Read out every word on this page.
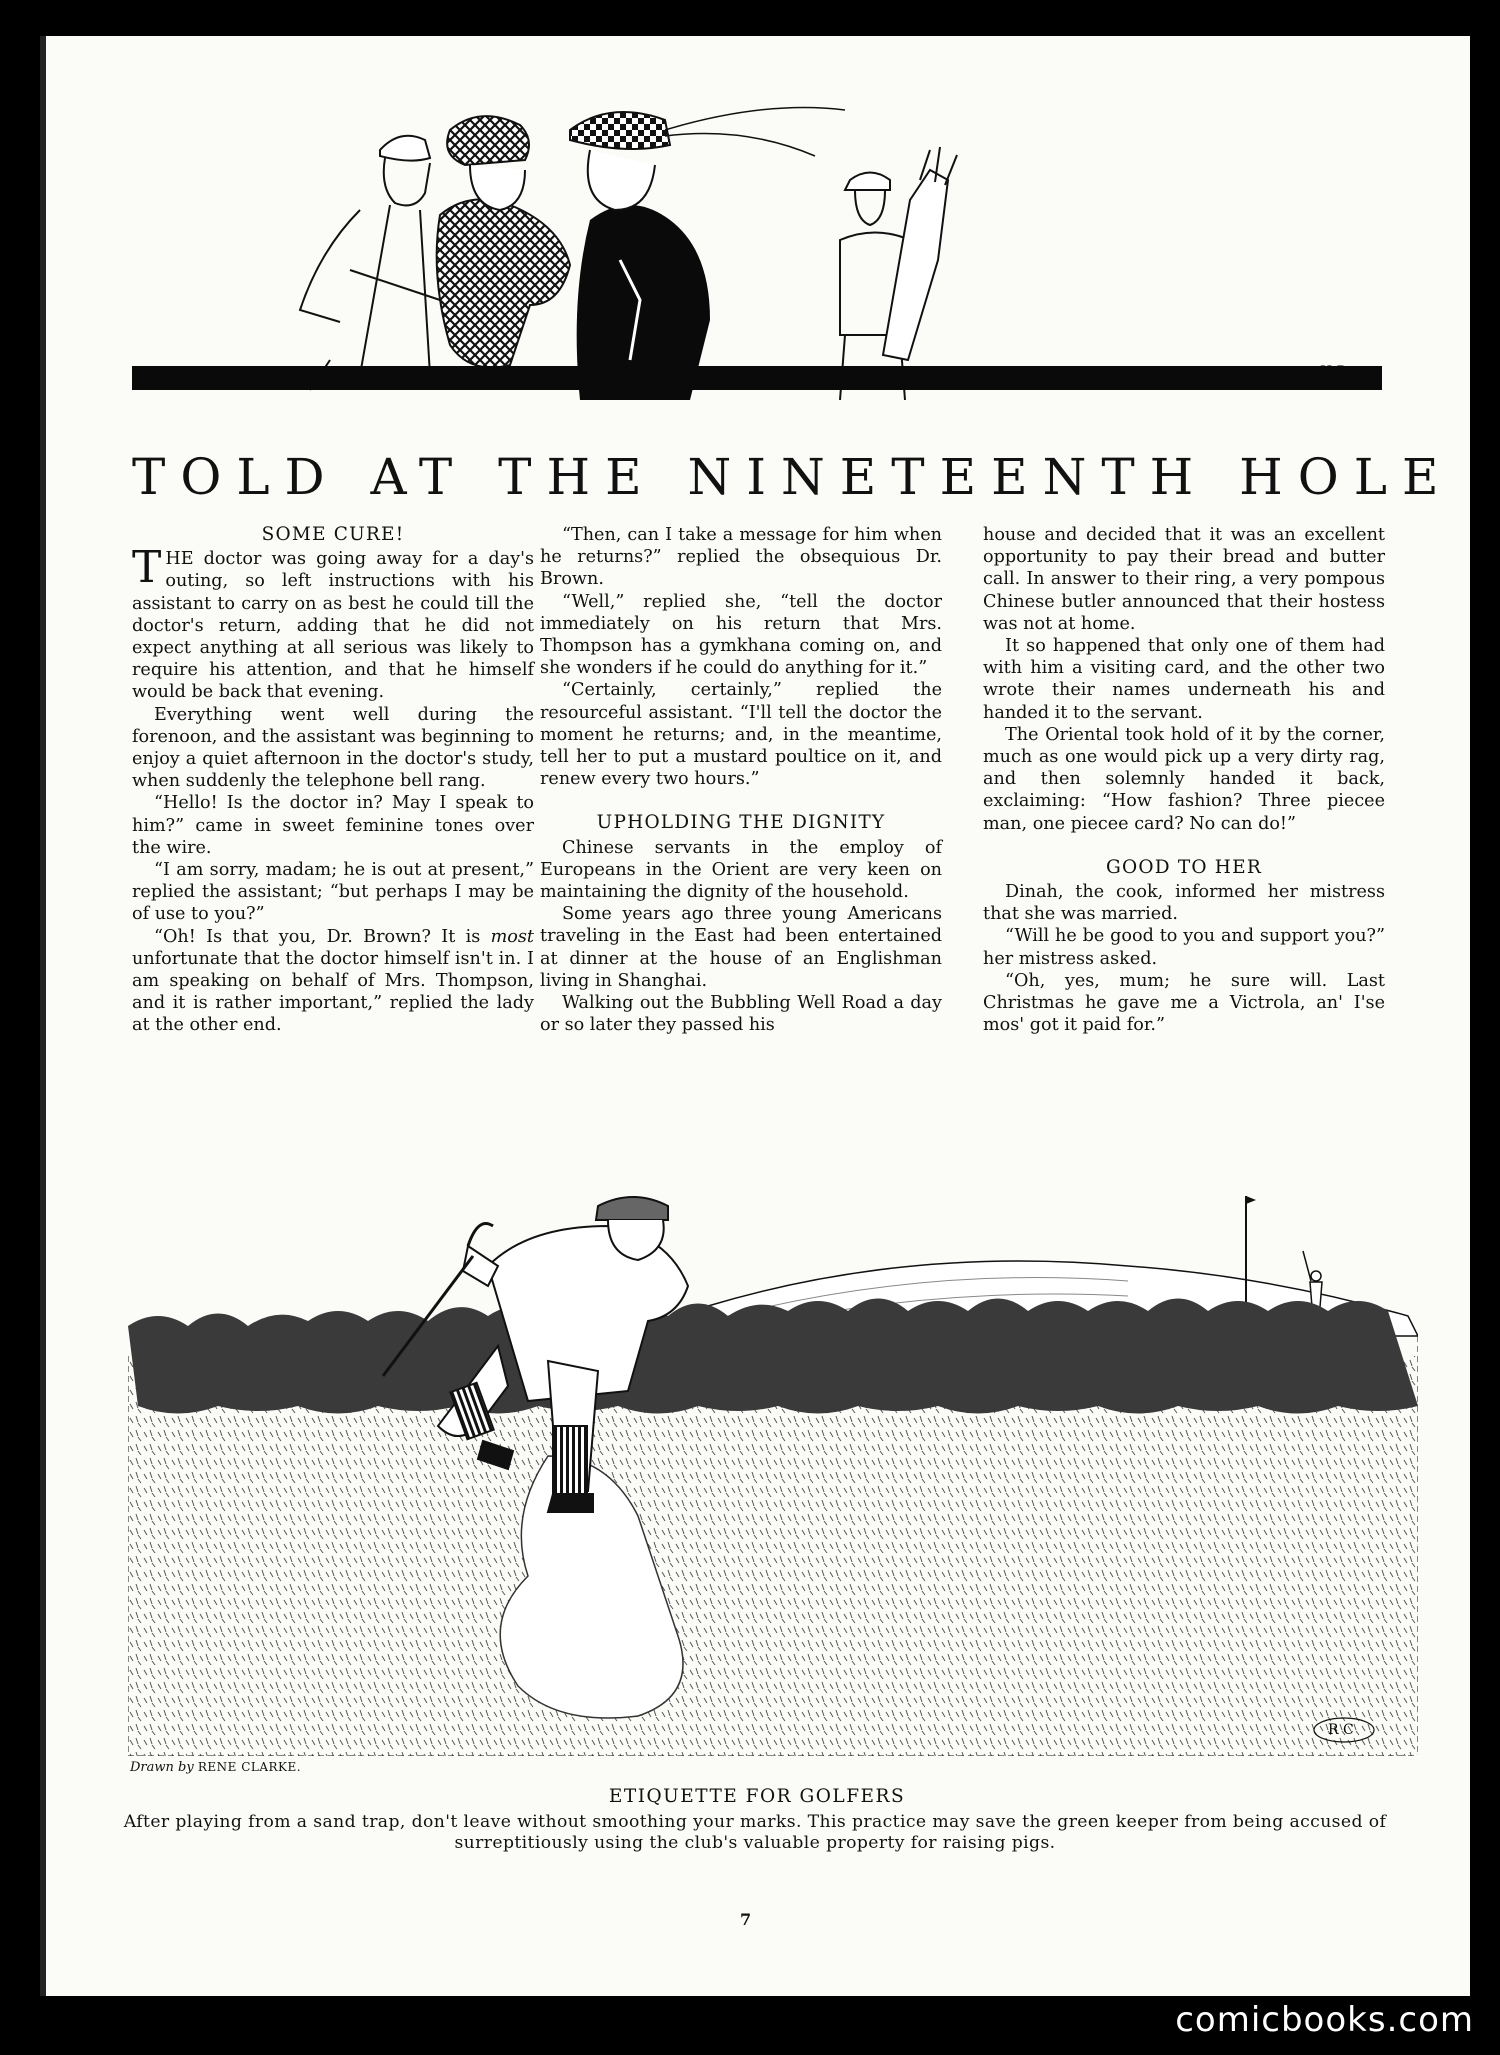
TOLD AT THE NINETEENTH HOLE
SOME CURE!

THE doctor was going away for a day's outing, so left instructions with his assistant to carry on as best he could till the doctor's return, adding that he did not expect anything at all serious was likely to require his attention, and that he himself would be back that evening.

Everything went well during the forenoon, and the assistant was beginning to enjoy a quiet afternoon in the doctor's study, when suddenly the telephone bell rang.

“Hello! Is the doctor in? May I speak to him?” came in sweet feminine tones over the wire.

“I am sorry, madam; he is out at present,” replied the assistant; “but perhaps I may be of use to you?”

“Oh! Is that you, Dr. Brown? It is most unfortunate that the doctor himself isn't in. I am speaking on behalf of Mrs. Thompson, and it is rather important,” replied the lady at the other end.

“Then, can I take a message for him when he returns?” replied the obsequious Dr. Brown.

“Well,” replied she, “tell the doctor immediately on his return that Mrs. Thompson has a gymkhana coming on, and she wonders if he could do anything for it.”

“Certainly, certainly,” replied the resourceful assistant. “I'll tell the doctor the moment he returns; and, in the meantime, tell her to put a mustard poultice on it, and renew every two hours.”

UPHOLDING THE DIGNITY

Chinese servants in the employ of Europeans in the Orient are very keen on maintaining the dignity of the household.

Some years ago three young Americans traveling in the East had been entertained at dinner at the house of an Englishman living in Shanghai.

Walking out the Bubbling Well Road a day or so later they passed his

house and decided that it was an excellent opportunity to pay their bread and butter call. In answer to their ring, a very pompous Chinese butler announced that their hostess was not at home.

It so happened that only one of them had with him a visiting card, and the other two wrote their names underneath his and handed it to the servant.

The Oriental took hold of it by the corner, much as one would pick up a very dirty rag, and then solemnly handed it back, exclaiming: “How fashion? Three piecee man, one piecee card? No can do!”

GOOD TO HER

Dinah, the cook, informed her mistress that she was married.

“Will he be good to you and support you?” her mistress asked.

“Oh, yes, mum; he sure will. Last Christmas he gave me a Victrola, an' I'se mos' got it paid for.”

R C
Drawn by RENE CLARKE.
ETIQUETTE FOR GOLFERS
After playing from a sand trap, don't leave without smoothing your marks. This practice may save the green keeper from being accused of surreptitiously using the club's valuable property for raising pigs.
7
comicbooks.com
